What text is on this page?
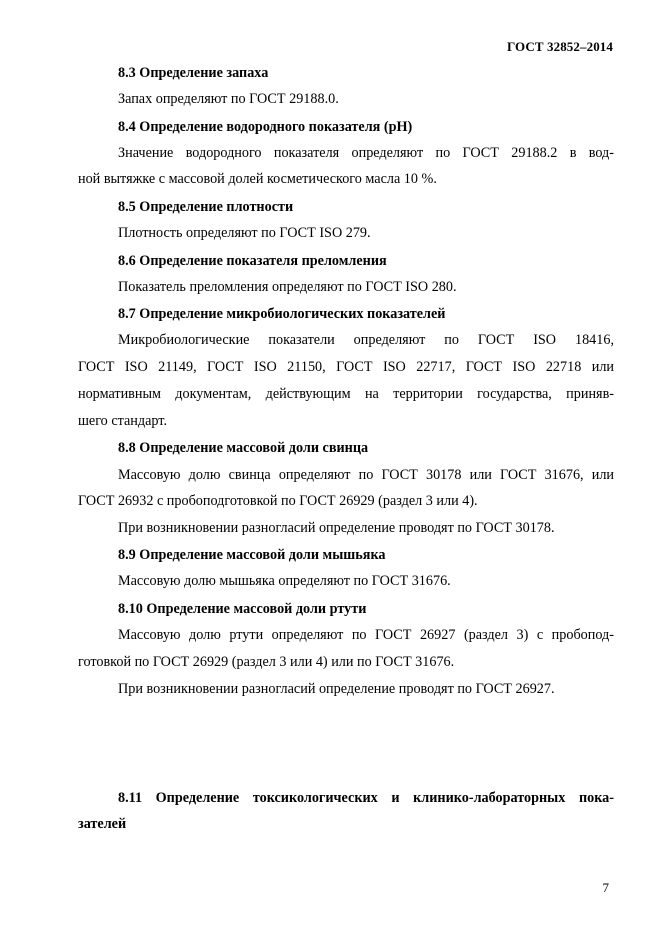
ГОСТ 32852–2014
8.3 Определение запаха
Запах определяют по ГОСТ 29188.0.
8.4 Определение водородного показателя (рН)
Значение водородного показателя определяют по ГОСТ 29188.2 в вод-
ной вытяжке с массовой долей косметического масла 10 %.
8.5 Определение плотности
Плотность определяют по ГОСТ ISO 279.
8.6 Определение показателя преломления
Показатель преломления определяют по ГОСТ ISO 280.
8.7 Определение микробиологических показателей
Микробиологические показатели определяют по ГОСТ ISO 18416,
ГОСТ ISO 21149, ГОСТ ISO 21150, ГОСТ ISO 22717, ГОСТ ISO 22718 или
нормативным документам, действующим на территории государства, приняв-
шего стандарт.
8.8 Определение массовой доли свинца
Массовую долю свинца определяют по ГОСТ 30178 или ГОСТ 31676, или
ГОСТ 26932 с пробоподготовкой по ГОСТ 26929 (раздел 3 или 4).
При возникновении разногласий определение проводят по ГОСТ 30178.
8.9 Определение массовой доли мышьяка
Массовую долю мышьяка определяют по ГОСТ 31676.
8.10 Определение массовой доли ртути
Массовую долю ртути определяют по ГОСТ 26927 (раздел 3) с пробопод-
готовкой по ГОСТ 26929 (раздел 3 или 4) или по ГОСТ 31676.
При возникновении разногласий определение проводят по ГОСТ 26927.
8.11 Определение токсикологических и клинико-лабораторных пока-
зателей
7
